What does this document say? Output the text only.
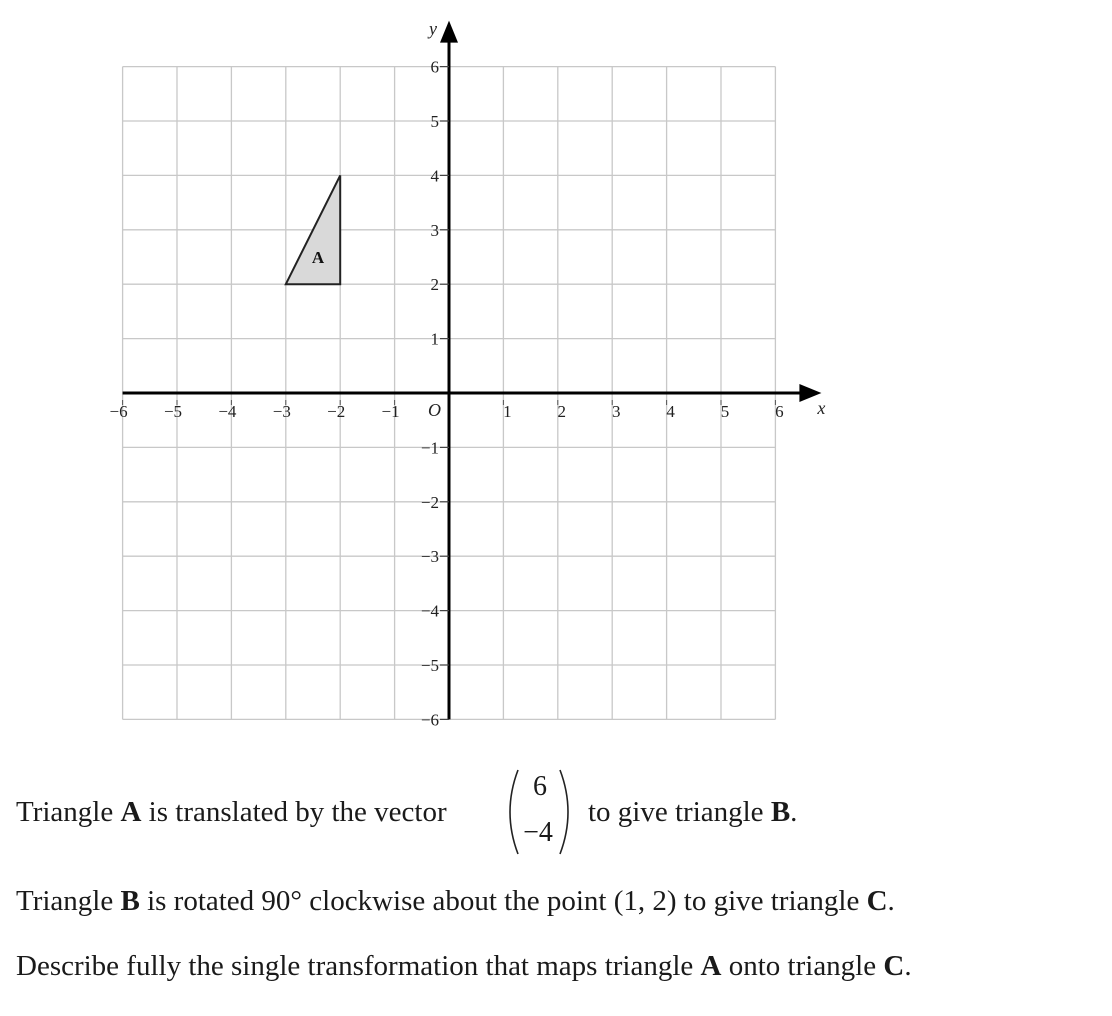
A
x
y
O
−6 −5 −4 −3 −2 −1	1	2	3	4	5	6
6
5
4
3
2
1
−1
−2
−3
−4
−5
−6
Triangle A is translated by the vector
6
−4
to give triangle B.
Triangle B is rotated 90° clockwise about the point (1, 2) to give triangle C.
Describe fully the single transformation that maps triangle A onto triangle C.
